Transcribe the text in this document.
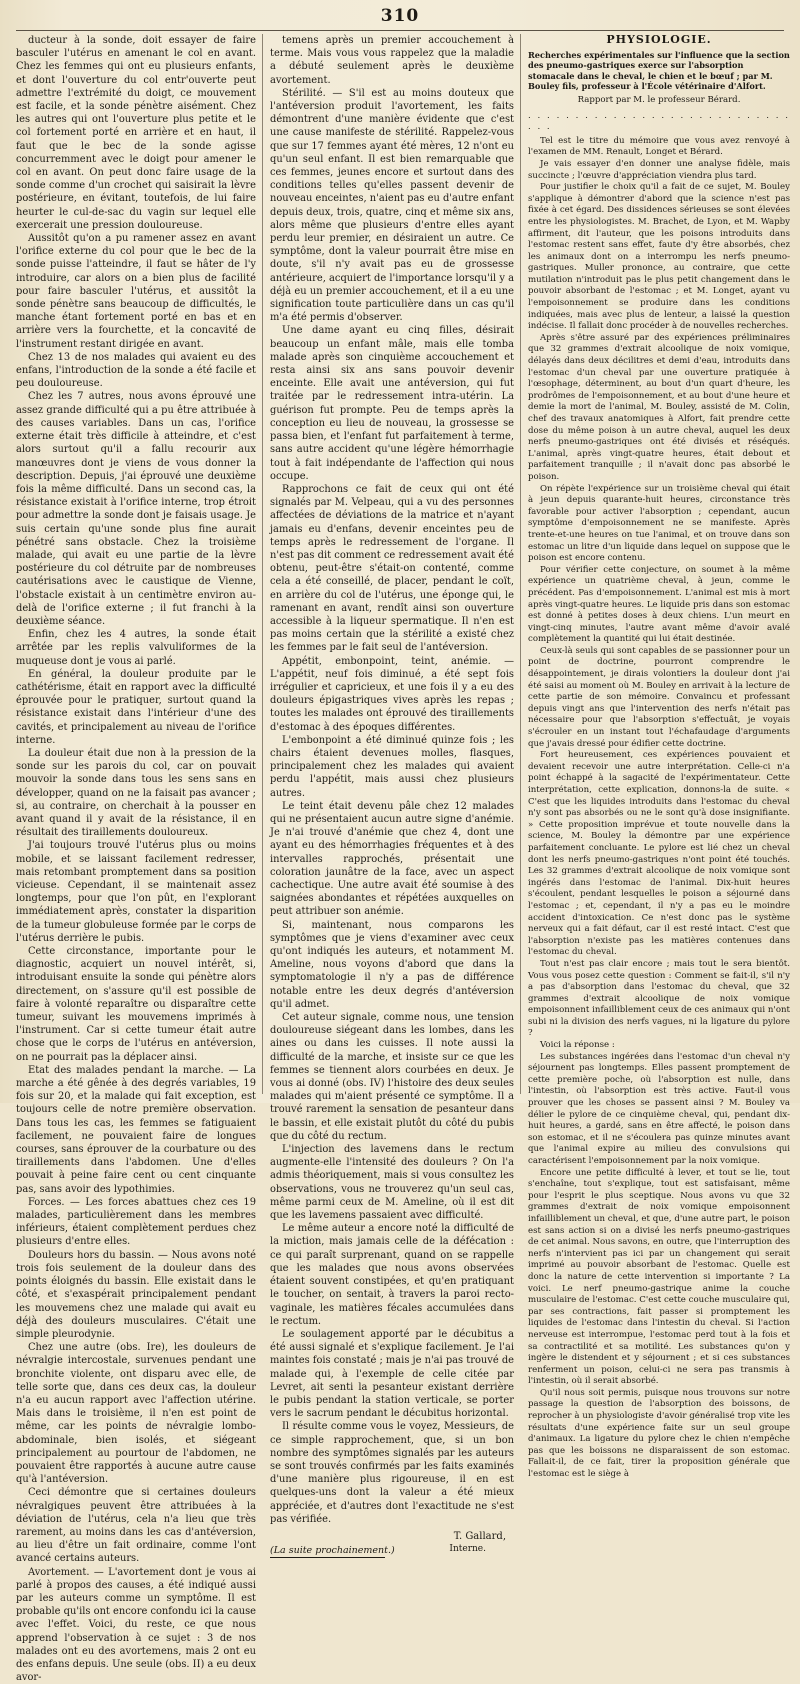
310

ducteur à la sonde, doit essayer de faire basculer l'utérus en amenant le col en avant. Chez les femmes qui ont eu plusieurs enfants, et dont l'ouverture du col entr'ouverte peut admettre l'extrémité du doigt, ce mouvement est facile, et la sonde pénètre aisément. Chez les autres qui ont l'ouverture plus petite et le col fortement porté en arrière et en haut, il faut que le bec de la sonde agisse concurremment avec le doigt pour amener le col en avant. On peut donc faire usage de la sonde comme d'un crochet qui saisirait la lèvre postérieure, en évitant, toutefois, de lui faire heurter le cul-de-sac du vagin sur lequel elle exercerait une pression douloureuse.

Aussitôt qu'on a pu ramener assez en avant l'orifice externe du col pour que le bec de la sonde puisse l'atteindre, il faut se hâter de l'y introduire, car alors on a bien plus de facilité pour faire basculer l'utérus, et aussitôt la sonde pénètre sans beaucoup de difficultés, le manche étant fortement porté en bas et en arrière vers la fourchette, et la concavité de l'instrument restant dirigée en avant.

Chez 13 de nos malades qui avaient eu des enfans, l'introduction de la sonde a été facile et peu douloureuse.

Chez les 7 autres, nous avons éprouvé une assez grande difficulté qui a pu être attribuée à des causes variables. Dans un cas, l'orifice externe était très difficile à atteindre, et c'est alors surtout qu'il a fallu recourir aux manœuvres dont je viens de vous donner la description. Depuis, j'ai éprouvé une deuxième fois la même difficulté. Dans un second cas, la résistance existait à l'orifice interne, trop étroit pour admettre la sonde dont je faisais usage. Je suis certain qu'une sonde plus fine aurait pénétré sans obstacle. Chez la troisième malade, qui avait eu une partie de la lèvre postérieure du col détruite par de nombreuses cautérisations avec le caustique de Vienne, l'obstacle existait à un centimètre environ au-delà de l'orifice externe ; il fut franchi à la deuxième séance.

Enfin, chez les 4 autres, la sonde était arrêtée par les replis valvuliformes de la muqueuse dont je vous ai parlé.

En général, la douleur produite par le cathétérisme, était en rapport avec la difficulté éprouvée pour le pratiquer, surtout quand la résistance existait dans l'intérieur d'une des cavités, et principalement au niveau de l'orifice interne.

La douleur était due non à la pression de la sonde sur les parois du col, car on pouvait mouvoir la sonde dans tous les sens sans en développer, quand on ne la faisait pas avancer ; si, au contraire, on cherchait à la pousser en avant quand il y avait de la résistance, il en résultait des tiraillements douloureux.

J'ai toujours trouvé l'utérus plus ou moins mobile, et se laissant facilement redresser, mais retombant promptement dans sa position vicieuse. Cependant, il se maintenait assez longtemps, pour que l'on pût, en l'explorant immédiatement après, constater la disparition de la tumeur globuleuse formée par le corps de l'utérus derrière le pubis.

Cette circonstance, importante pour le diagnostic, acquiert un nouvel intérêt, si, introduisant ensuite la sonde qui pénètre alors directement, on s'assure qu'il est possible de faire à volonté reparaître ou disparaître cette tumeur, suivant les mouvemens imprimés à l'instrument. Car si cette tumeur était autre chose que le corps de l'utérus en antéversion, on ne pourrait pas la déplacer ainsi.

Etat des malades pendant la marche. — La marche a été gênée à des degrés variables, 19 fois sur 20, et la malade qui fait exception, est toujours celle de notre première observation. Dans tous les cas, les femmes se fatiguaient facilement, ne pouvaient faire de longues courses, sans éprouver de la courbature ou des tiraillements dans l'abdomen. Une d'elles pouvait à peine faire cent ou cent cinquante pas, sans avoir des lypothimies.

Forces. — Les forces abattues chez ces 19 malades, particulièrement dans les membres inférieurs, étaient complètement perdues chez plusieurs d'entre elles.

Douleurs hors du bassin. — Nous avons noté trois fois seulement de la douleur dans des points éloignés du bassin. Elle existait dans le côté, et s'exaspérait principalement pendant les mouvemens chez une malade qui avait eu déjà des douleurs musculaires. C'était une simple pleurodynie.

Chez une autre (obs. Ire), les douleurs de névralgie intercostale, survenues pendant une bronchite violente, ont disparu avec elle, de telle sorte que, dans ces deux cas, la douleur n'a eu aucun rapport avec l'affection utérine. Mais dans le troisième, il n'en est point de même, car les points de névralgie lombo-abdominale, bien isolés, et siégeant principalement au pourtour de l'abdomen, ne pouvaient être rapportés à aucune autre cause qu'à l'antéversion.

Ceci démontre que si certaines douleurs névralgiques peuvent être attribuées à la déviation de l'utérus, cela n'a lieu que très rarement, au moins dans les cas d'antéversion, au lieu d'être un fait ordinaire, comme l'ont avancé certains auteurs.

Avortement. — L'avortement dont je vous ai parlé à propos des causes, a été indiqué aussi par les auteurs comme un symptôme. Il est probable qu'ils ont encore confondu ici la cause avec l'effet. Voici, du reste, ce que nous apprend l'observation à ce sujet : 3 de nos malades ont eu des avortemens, mais 2 ont eu des enfans depuis. Une seule (obs. II) a eu deux avor-

temens après un premier accouchement à terme. Mais vous vous rappelez que la maladie a débuté seulement après le deuxième avortement.

Stérilité. — S'il est au moins douteux que l'antéversion produit l'avortement, les faits démontrent d'une manière évidente que c'est une cause manifeste de stérilité. Rappelez-vous que sur 17 femmes ayant été mères, 12 n'ont eu qu'un seul enfant. Il est bien remarquable que ces femmes, jeunes encore et surtout dans des conditions telles qu'elles passent devenir de nouveau enceintes, n'aient pas eu d'autre enfant depuis deux, trois, quatre, cinq et même six ans, alors même que plusieurs d'entre elles ayant perdu leur premier, en désiraient un autre. Ce symptôme, dont la valeur pourrait être mise en doute, s'il n'y avait pas eu de grossesse antérieure, acquiert de l'importance lorsqu'il y a déjà eu un premier accouchement, et il a eu une signification toute particulière dans un cas qu'il m'a été permis d'observer.

Une dame ayant eu cinq filles, désirait beaucoup un enfant mâle, mais elle tomba malade après son cinquième accouchement et resta ainsi six ans sans pouvoir devenir enceinte. Elle avait une antéversion, qui fut traitée par le redressement intra-utérin. La guérison fut prompte. Peu de temps après la conception eu lieu de nouveau, la grossesse se passa bien, et l'enfant fut parfaitement à terme, sans autre accident qu'une légère hémorrhagie tout à fait indépendante de l'affection qui nous occupe.

Rapprochons ce fait de ceux qui ont été signalés par M. Velpeau, qui a vu des personnes affectées de déviations de la matrice et n'ayant jamais eu d'enfans, devenir enceintes peu de temps après le redressement de l'organe. Il n'est pas dit comment ce redressement avait été obtenu, peut-être s'était-on contenté, comme cela a été conseillé, de placer, pendant le coït, en arrière du col de l'utérus, une éponge qui, le ramenant en avant, rendît ainsi son ouverture accessible à la liqueur spermatique. Il n'en est pas moins certain que la stérilité a existé chez les femmes par le fait seul de l'antéversion.

Appétit, embonpoint, teint, anémie. — L'appétit, neuf fois diminué, a été sept fois irrégulier et capricieux, et une fois il y a eu des douleurs épigastriques vives après les repas ; toutes les malades ont éprouvé des tiraillements d'estomac à des époques différentes.

L'embonpoint a été diminué quinze fois ; les chairs étaient devenues molles, flasques, principalement chez les malades qui avaient perdu l'appétit, mais aussi chez plusieurs autres.

Le teint était devenu pâle chez 12 malades qui ne présentaient aucun autre signe d'anémie. Je n'ai trouvé d'anémie que chez 4, dont une ayant eu des hémorrhagies fréquentes et à des intervalles rapprochés, présentait une coloration jaunâtre de la face, avec un aspect cachectique. Une autre avait été soumise à des saignées abondantes et répétées auxquelles on peut attribuer son anémie.

Si, maintenant, nous comparons les symptômes que je viens d'examiner avec ceux qu'ont indiqués les auteurs, et notamment M. Ameline, nous voyons d'abord que dans la symptomatologie il n'y a pas de différence notable entre les deux degrés d'antéversion qu'il admet.

Cet auteur signale, comme nous, une tension douloureuse siégeant dans les lombes, dans les aines ou dans les cuisses. Il note aussi la difficulté de la marche, et insiste sur ce que les femmes se tiennent alors courbées en deux. Je vous ai donné (obs. IV) l'histoire des deux seules malades qui m'aient présenté ce symptôme. Il a trouvé rarement la sensation de pesanteur dans le bassin, et elle existait plutôt du côté du pubis que du côté du rectum.

L'injection des lavemens dans le rectum augmente-elle l'intensité des douleurs ? On l'a admis théoriquement, mais si vous consultez les observations, vous ne trouverez qu'un seul cas, même parmi ceux de M. Ameline, où il est dit que les lavemens passaient avec difficulté.

Le même auteur a encore noté la difficulté de la miction, mais jamais celle de la défécation : ce qui paraît surprenant, quand on se rappelle que les malades que nous avons observées étaient souvent constipées, et qu'en pratiquant le toucher, on sentait, à travers la paroi recto-vaginale, les matières fécales accumulées dans le rectum.

Le soulagement apporté par le décubitus a été aussi signalé et s'explique facilement. Je l'ai maintes fois constaté ; mais je n'ai pas trouvé de malade qui, à l'exemple de celle citée par Levret, ait senti la pesanteur existant derrière le pubis pendant la station verticale, se porter vers le sacrum pendant le décubitus horizontal.

Il résulte comme vous le voyez, Messieurs, de ce simple rapprochement, que, si un bon nombre des symptômes signalés par les auteurs se sont trouvés confirmés par les faits examinés d'une manière plus rigoureuse, il en est quelques-uns dont la valeur a été mieux appréciée, et d'autres dont l'exactitude ne s'est pas vérifiée.

T. Gallard,
Interne.
(La suite prochainement.)
PHYSIOLOGIE.

Recherches expérimentales sur l'influence que la section des pneumo-gastriques exerce sur l'absorption stomacale dans le cheval, le chien et le bœuf ; par M. Bouley fils, professeur à l'École vétérinaire d'Alfort.

Rapport par M. le professeur Bérard.

. . . . . . . . . . . . . . . . . . . . . . . . . . . . . . .

Tel est le titre du mémoire que vous avez renvoyé à l'examen de MM. Renault, Longet et Bérard.

Je vais essayer d'en donner une analyse fidèle, mais succincte ; l'œuvre d'appréciation viendra plus tard.

Pour justifier le choix qu'il a fait de ce sujet, M. Bouley s'applique à démontrer d'abord que la science n'est pas fixée à cet égard. Des dissidences sérieuses se sont élevées entre les physiologistes. M. Brachet, de Lyon, et M. Wapby affirment, dit l'auteur, que les poisons introduits dans l'estomac restent sans effet, faute d'y être absorbés, chez les animaux dont on a interrompu les nerfs pneumo-gastriques. Muller prononce, au contraire, que cette mutilation n'introduit pas le plus petit changement dans le pouvoir absorbant de l'estomac ; et M. Longet, ayant vu l'empoisonnement se produire dans les conditions indiquées, mais avec plus de lenteur, a laissé la question indécise. Il fallait donc procéder à de nouvelles recherches.

Après s'être assuré par des expériences préliminaires que 32 grammes d'extrait alcoolique de noix vomique, délayés dans deux décilitres et demi d'eau, introduits dans l'estomac d'un cheval par une ouverture pratiquée à l'œsophage, déterminent, au bout d'un quart d'heure, les prodrômes de l'empoisonnement, et au bout d'une heure et demie la mort de l'animal, M. Bouley, assisté de M. Colin, chef des travaux anatomiques à Alfort, fait prendre cette dose du même poison à un autre cheval, auquel les deux nerfs pneumo-gastriques ont été divisés et réséqués. L'animal, après vingt-quatre heures, était debout et parfaitement tranquille ; il n'avait donc pas absorbé le poison.

On répète l'expérience sur un troisième cheval qui était à jeun depuis quarante-huit heures, circonstance très favorable pour activer l'absorption ; cependant, aucun symptôme d'empoisonnement ne se manifeste. Après trente-et-une heures on tue l'animal, et on trouve dans son estomac un litre d'un liquide dans lequel on suppose que le poison est encore contenu.

Pour vérifier cette conjecture, on soumet à la même expérience un quatrième cheval, à jeun, comme le précédent. Pas d'empoisonnement. L'animal est mis à mort après vingt-quatre heures. Le liquide pris dans son estomac est donné à petites doses à deux chiens. L'un meurt en vingt-cinq minutes, l'autre avant même d'avoir avalé complètement la quantité qui lui était destinée.

Ceux-là seuls qui sont capables de se passionner pour un point de doctrine, pourront comprendre le désappointement, je dirais volontiers la douleur dont j'ai été saisi au moment où M. Bouley en arrivait à la lecture de cette partie de son mémoire. Convaincu et professant depuis vingt ans que l'intervention des nerfs n'était pas nécessaire pour que l'absorption s'effectuât, je voyais s'écrouler en un instant tout l'échafaudage d'arguments que j'avais dressé pour édifier cette doctrine.

Fort heureusement, ces expériences pouvaient et devaient recevoir une autre interprétation. Celle-ci n'a point échappé à la sagacité de l'expérimentateur. Cette interprétation, cette explication, donnons-la de suite. « C'est que les liquides introduits dans l'estomac du cheval n'y sont pas absorbés ou ne le sont qu'à dose insignifiante. » Cette proposition imprévue et toute nouvelle dans la science, M. Bouley la démontre par une expérience parfaitement concluante. Le pylore est lié chez un cheval dont les nerfs pneumo-gastriques n'ont point été touchés. Les 32 grammes d'extrait alcoolique de noix vomique sont ingérés dans l'estomac de l'animal. Dix-huit heures s'écoulent, pendant lesquelles le poison a séjourné dans l'estomac ; et, cependant, il n'y a pas eu le moindre accident d'intoxication. Ce n'est donc pas le système nerveux qui a fait défaut, car il est resté intact. C'est que l'absorption n'existe pas les matières contenues dans l'estomac du cheval.

Tout n'est pas clair encore ; mais tout le sera bientôt. Vous vous posez cette question : Comment se fait-il, s'il n'y a pas d'absorption dans l'estomac du cheval, que 32 grammes d'extrait alcoolique de noix vomique empoisonnent infailliblement ceux de ces animaux qui n'ont subi ni la division des nerfs vagues, ni la ligature du pylore ?

Voici la réponse :

Les substances ingérées dans l'estomac d'un cheval n'y séjournent pas longtemps. Elles passent promptement de cette première poche, où l'absorption est nulle, dans l'intestin, où l'absorption est très active. Faut-il vous prouver que les choses se passent ainsi ? M. Bouley va délier le pylore de ce cinquième cheval, qui, pendant dix-huit heures, a gardé, sans en être affecté, le poison dans son estomac, et il ne s'écoulera pas quinze minutes avant que l'animal expire au milieu des convulsions qui caractérisent l'empoisonnement par la noix vomique.

Encore une petite difficulté à lever, et tout se lie, tout s'enchaîne, tout s'explique, tout est satisfaisant, même pour l'esprit le plus sceptique. Nous avons vu que 32 grammes d'extrait de noix vomique empoisonnent infailliblement un cheval, et que, d'une autre part, le poison est sans action si on a divisé les nerfs pneumo-gastriques de cet animal. Nous savons, en outre, que l'interruption des nerfs n'intervient pas ici par un changement qui serait imprimé au pouvoir absorbant de l'estomac. Quelle est donc la nature de cette intervention si importante ? La voici. Le nerf pneumo-gastrique anime la couche musculaire de l'estomac. C'est cette couche musculaire qui, par ses contractions, fait passer si promptement les liquides de l'estomac dans l'intestin du cheval. Si l'action nerveuse est interrompue, l'estomac perd tout à la fois et sa contractilité et sa motilité. Les substances qu'on y ingère le distendent et y séjournent ; et si ces substances renferment un poison, celui-ci ne sera pas transmis à l'intestin, où il serait absorbé.

Qu'il nous soit permis, puisque nous trouvons sur notre passage la question de l'absorption des boissons, de reprocher à un physiologiste d'avoir généralisé trop vite les résultats d'une expérience faite sur un seul groupe d'animaux. La ligature du pylore chez le chien n'empêche pas que les boissons ne disparaissent de son estomac. Fallait-il, de ce fait, tirer la proposition générale que l'estomac est le siège à
